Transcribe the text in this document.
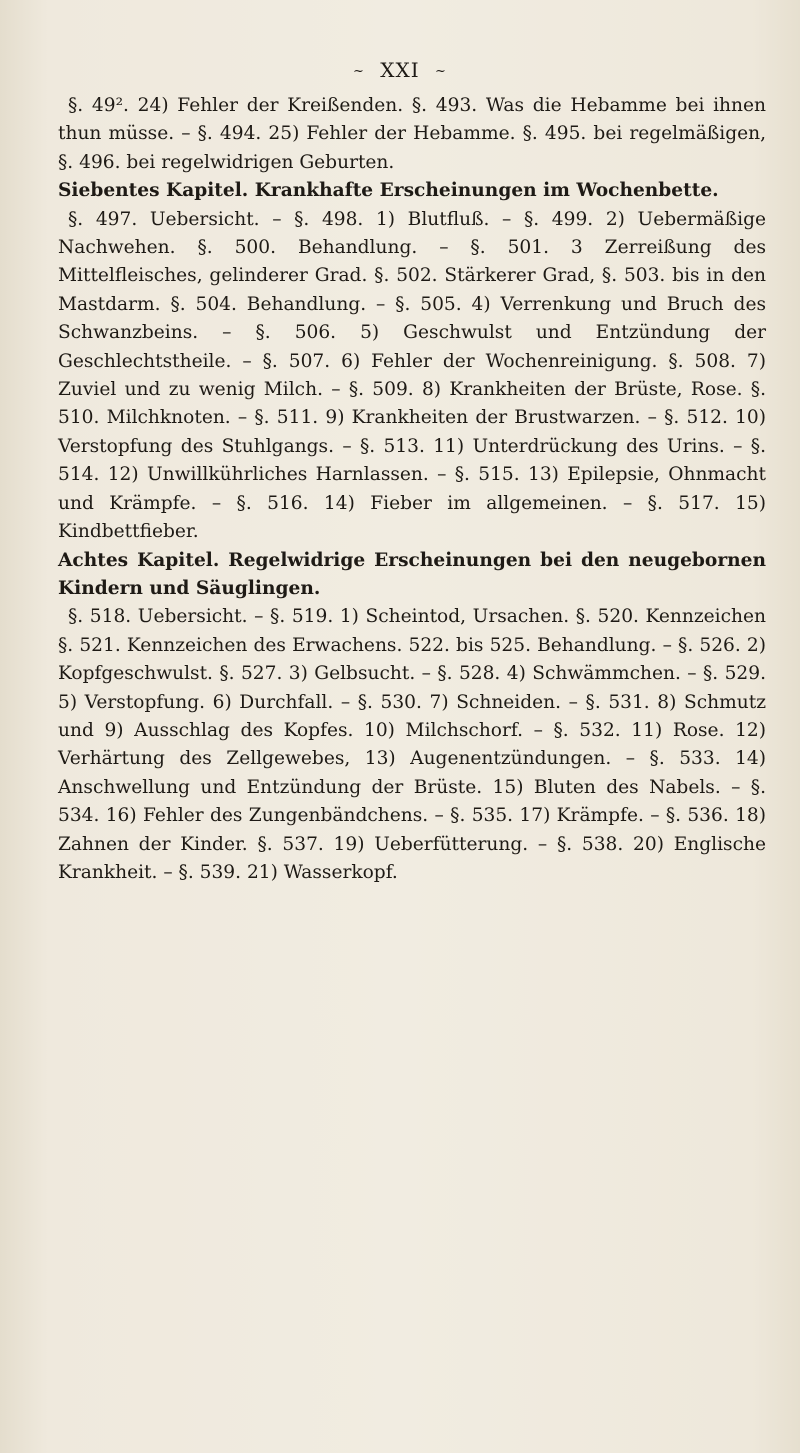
~ XXI ~

§. 49². 24) Fehler der Kreißenden. §. 493. Was die Hebamme bei ihnen thun müsse. – §. 494. 25) Fehler der Hebamme. §. 495. bei regelmäßigen, §. 496. bei regelwidrigen Geburten.

Siebentes Kapitel. Krankhafte Erscheinungen im Wochenbette.

§. 497. Uebersicht. – §. 498. 1) Blutfluß. – §. 499. 2) Uebermäßige Nachwehen. §. 500. Behandlung. – §. 501. 3 Zerreißung des Mittelfleisches, gelinderer Grad. §. 502. Stärkerer Grad, §. 503. bis in den Mastdarm. §. 504. Behandlung. – §. 505. 4) Verrenkung und Bruch des Schwanzbeins. – §. 506. 5) Geschwulst und Entzündung der Geschlechtstheile. – §. 507. 6) Fehler der Wochenreinigung. §. 508. 7) Zuviel und zu wenig Milch. – §. 509. 8) Krankheiten der Brüste, Rose. §. 510. Milchknoten. – §. 511. 9) Krankheiten der Brustwarzen. – §. 512. 10) Verstopfung des Stuhlgangs. – §. 513. 11) Unterdrückung des Urins. – §. 514. 12) Unwillkührliches Harnlassen. – §. 515. 13) Epilepsie, Ohnmacht und Krämpfe. – §. 516. 14) Fieber im allgemeinen. – §. 517. 15) Kindbettfieber.

Achtes Kapitel. Regelwidrige Erscheinungen bei den neugebornen Kindern und Säuglingen.

§. 518. Uebersicht. – §. 519. 1) Scheintod, Ursachen. §. 520. Kennzeichen §. 521. Kennzeichen des Erwachens. 522. bis 525. Behandlung. – §. 526. 2) Kopfgeschwulst. §. 527. 3) Gelbsucht. – §. 528. 4) Schwämmchen. – §. 529. 5) Verstopfung. 6) Durchfall. – §. 530. 7) Schneiden. – §. 531. 8) Schmutz und 9) Ausschlag des Kopfes. 10) Milchschorf. – §. 532. 11) Rose. 12) Verhärtung des Zellgewebes, 13) Augenentzündungen. – §. 533. 14) Anschwellung und Entzündung der Brüste. 15) Bluten des Nabels. – §. 534. 16) Fehler des Zungenbändchens. – §. 535. 17) Krämpfe. – §. 536. 18) Zahnen der Kinder. §. 537. 19) Ueberfütterung. – §. 538. 20) Englische Krankheit. – §. 539. 21) Wasserkopf.
